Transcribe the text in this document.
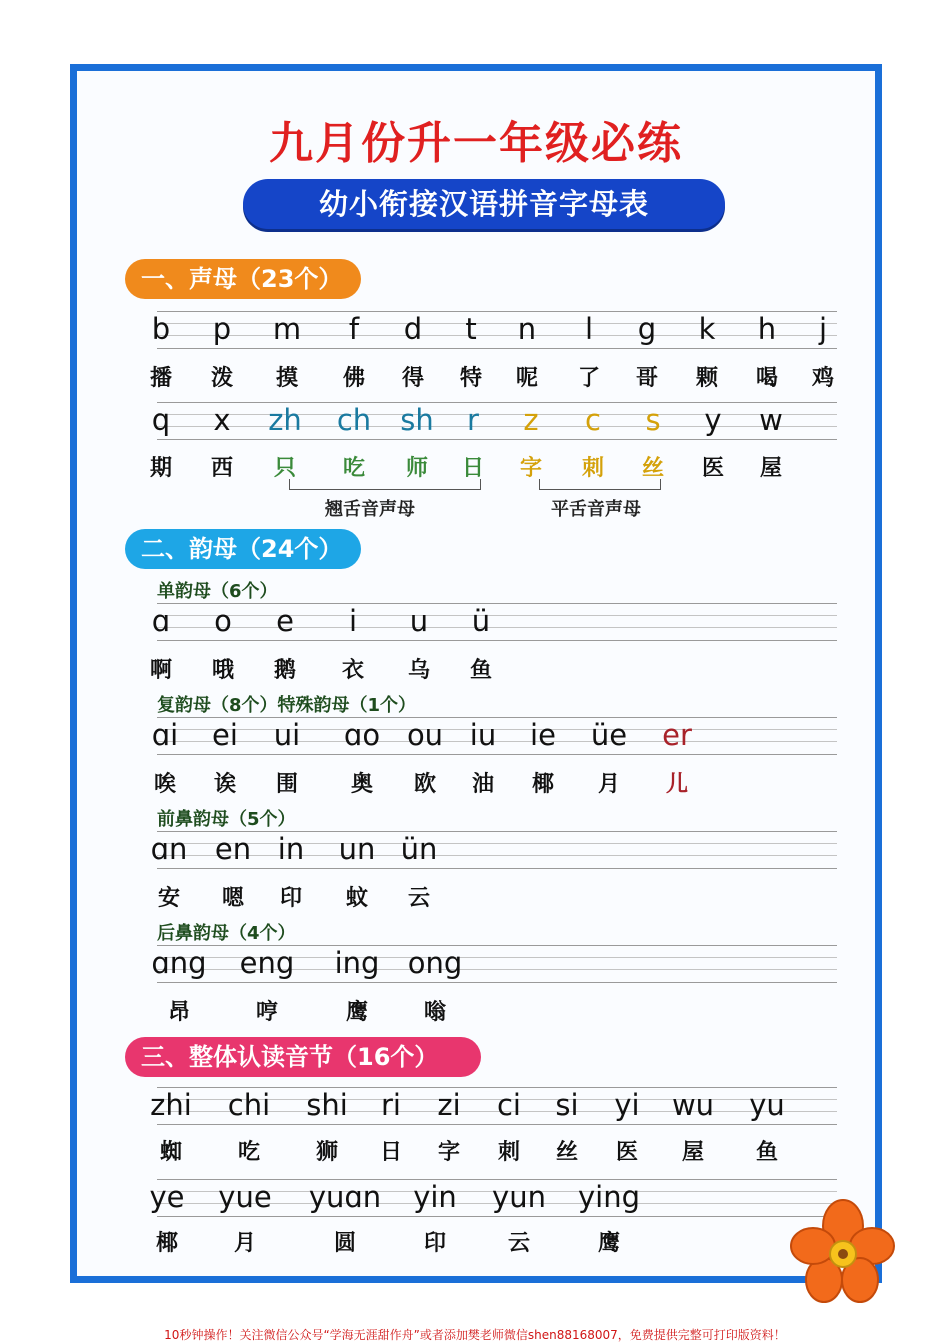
九月份升一年级必练
幼小衔接汉语拼音字母表
一、声母（23个）
b p m f d t n l g k h j
播 泼 摸 佛 得 特 呢 了 哥 颗 喝 鸡
q x zh ch sh r z c s y w
期 西 只 吃 师 日 字 刺 丝 医 屋
翘舌音声母	平舌音声母
二、韵母（24个）
单韵母（6个）
ɑ o e i u ü
啊 哦 鹅 衣 乌 鱼
复韵母（8个）特殊韵母（1个）
ɑi ei ui ɑo ou iu ie üe er
唉 诶 围 奥 欧 油 椰 月 儿
前鼻韵母（5个）
ɑn en in un ün
安 嗯 印 蚊 云
后鼻韵母（4个）
ɑng eng ing ong
昂	哼	鹰	嗡
三、整体认读音节（16个）
zhi chi shi ri zi ci si yi wu yu
蜘	吃	狮 日 字 刺 丝 医 屋 鱼
ye yue yuɑn yin yun ying
椰	月	圆	印	云	鹰
10秒钟操作！关注微信公众号“学海无涯甜作舟”或者添加樊老师微信shen88168007，免费提供完整可打印版资料！
